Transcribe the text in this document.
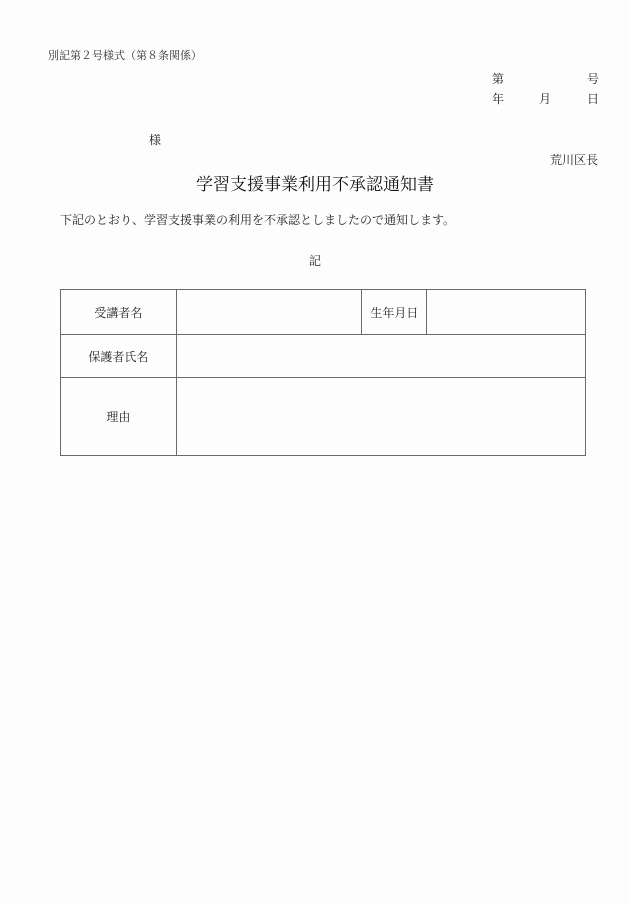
別記第２号様式（第８条関係）
第	号
年	月	日
様
荒川区長
学習支援事業利用不承認通知書
下記のとおり、学習支援事業の利用を不承認としましたので通知します。
記
受講者名		生年月日	
保護者氏名			
理由			
